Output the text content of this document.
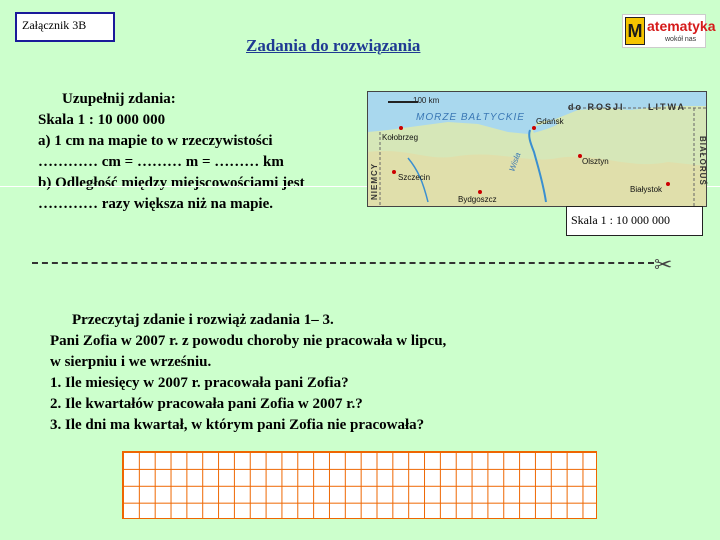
Załącznik 3B
Zadania do rozwiązania
M atematyka
wokół nas
Uzupełnij zdania:
Skala 1 : 10 000 000
a) 1 cm na mapie to w rzeczywistości
………… cm = ……… m = ……… km
b) Odległość między miejscowościami jest
………… razy większa niż na mapie.
100 km
MORZE BAŁTYCKIE
do ROSJI	LITWA
NIEMCY	BIAŁORUŚ
Kołobrzeg
Gdańsk
Olsztyn
Szczecin
Bydgoszcz
Białystok
Wisła
Skala 1 : 10 000 000
✂
Przeczytaj zdanie i rozwiąż zadania 1– 3.
Pani Zofia w 2007 r. z powodu choroby nie pracowała w lipcu,
w sierpniu i we wrześniu.
1. Ile miesięcy w 2007 r. pracowała pani Zofia?
2. Ile kwartałów pracowała pani Zofia w 2007 r.?
3. Ile dni ma kwartał, w którym pani Zofia nie pracowała?
